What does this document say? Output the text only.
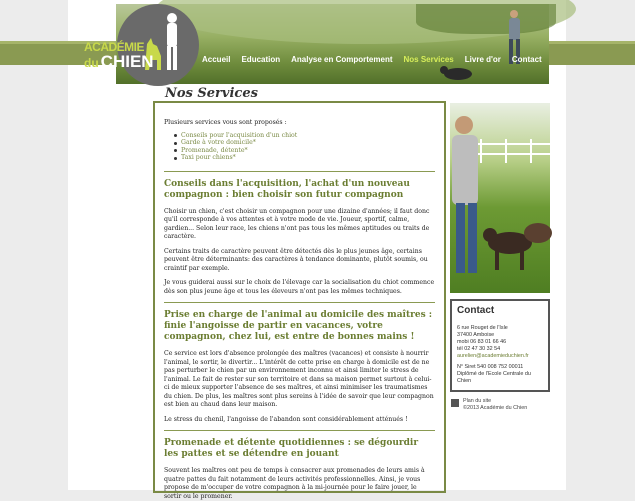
ACADÉMIE
du CHIEN	Accueil Education Analyse en Comportement Nos Services Livre d'or Contact
Nos Services

Plusieurs services vous sont proposés :

Conseils pour l'acquisition d'un chiot
Garde à votre domicile*
Promenade, détente*
Taxi pour chiens*
Conseils dans l'acquisition, l'achat d'un nouveau compagnon : bien choisir son futur compagnon

Choisir un chien, c'est choisir un compagnon pour une dizaine d'années; il faut donc qu'il corresponde à vos attentes et à votre mode de vie. Joueur, sportif, calme, gardien... Selon leur race, les chiens n'ont pas tous les mêmes aptitudes ou traits de caractère.

Certains traits de caractère peuvent être détectés dès le plus jeunes âge, certains peuvent être déterminants: des caractères à tendance dominante, plutôt soumis, ou craintif par exemple.

Je vous guiderai aussi sur le choix de l'élevage car la socialisation du chiot commence dès son plus jeune âge et tous les éleveurs n'ont pas les mêmes techniques.

Prise en charge de l'animal au domicile des maîtres : finie l'angoisse de partir en vacances, votre compagnon, chez lui, est entre de bonnes mains !

Ce service est lors d'absence prolongée des maîtres (vacances) et consiste à nourrir l'animal, le sortir, le divertir... L'intérêt de cette prise en charge à domicile est de ne pas perturber le chien par un environnement inconnu et ainsi limiter le stress de l'animal. Le fait de rester sur son territoire et dans sa maison permet surtout à celui-ci de mieux supporter l'absence de ses maîtres, et ainsi minimiser les traumatismes du chien. De plus, les maîtres sont plus sereins à l'idée de savoir que leur compagnon est bien au chaud dans leur maison.

Le stress du chenil, l'angoisse de l'abandon sont considérablement atténués !

Promenade et détente quotidiennes : se dégourdir les pattes et se détendre en jouant

Souvent les maîtres ont peu de temps à consacrer aux promenades de leurs amis à quatre pattes du fait notamment de leurs activités professionnelles. Ainsi, je vous propose de m'occuper de votre compagnon à la mi-journée pour le faire jouer, le sortir ou le promener.

Contact
6 rue Rouget de l'Isle
37400 Amboise
mobi 06 83 01 66 46
tél 02 47 30 32 54
aurelien@academieduchien.fr
N° Siret 540 008 752 00011
Diplômé de l'Ecole Centrale du
Chien
Plan du site
©2013 Académie du Chien
